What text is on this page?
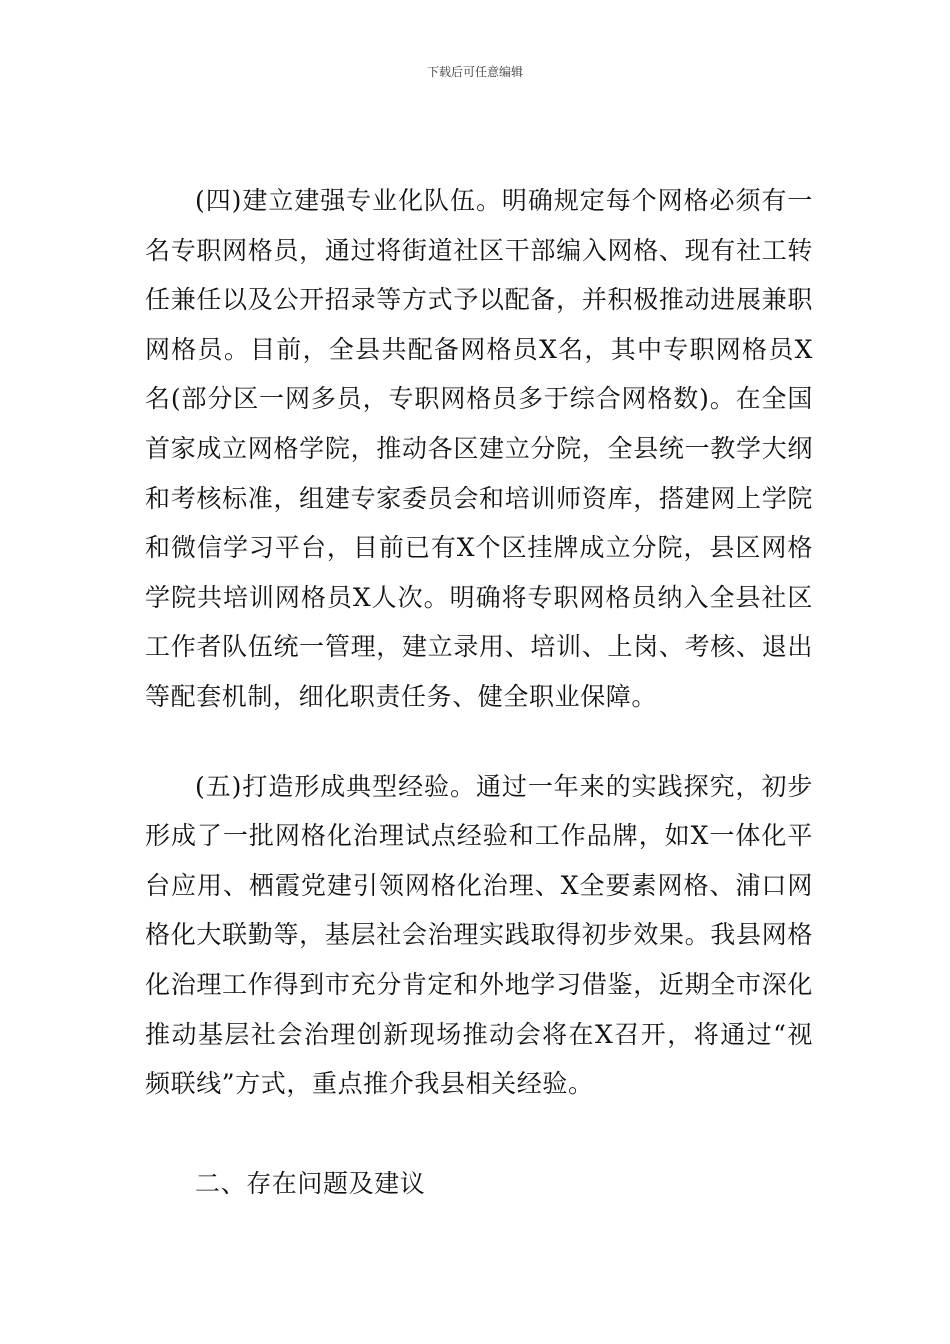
下载后可任意编辑

(四)建立建强专业化队伍。明确规定每个网格必须有一名专职网格员，通过将街道社区干部编入网格、现有社工转任兼任以及公开招录等方式予以配备，并积极推动进展兼职网格员。目前，全县共配备网格员X名，其中专职网格员X名(部分区一网多员，专职网格员多于综合网格数)。在全国首家成立网格学院，推动各区建立分院，全县统一教学大纲和考核标准，组建专家委员会和培训师资库，搭建网上学院和微信学习平台，目前已有X个区挂牌成立分院，县区网格学院共培训网格员X人次。明确将专职网格员纳入全县社区工作者队伍统一管理，建立录用、培训、上岗、考核、退出等配套机制，细化职责任务、健全职业保障。

(五)打造形成典型经验。通过一年来的实践探究，初步形成了一批网格化治理试点经验和工作品牌，如X一体化平台应用、栖霞党建引领网格化治理、X全要素网格、浦口网格化大联勤等，基层社会治理实践取得初步效果。我县网格化治理工作得到市充分肯定和外地学习借鉴，近期全市深化推动基层社会治理创新现场推动会将在X召开，将通过“视频联线”方式，重点推介我县相关经验。

二、存在问题及建议
